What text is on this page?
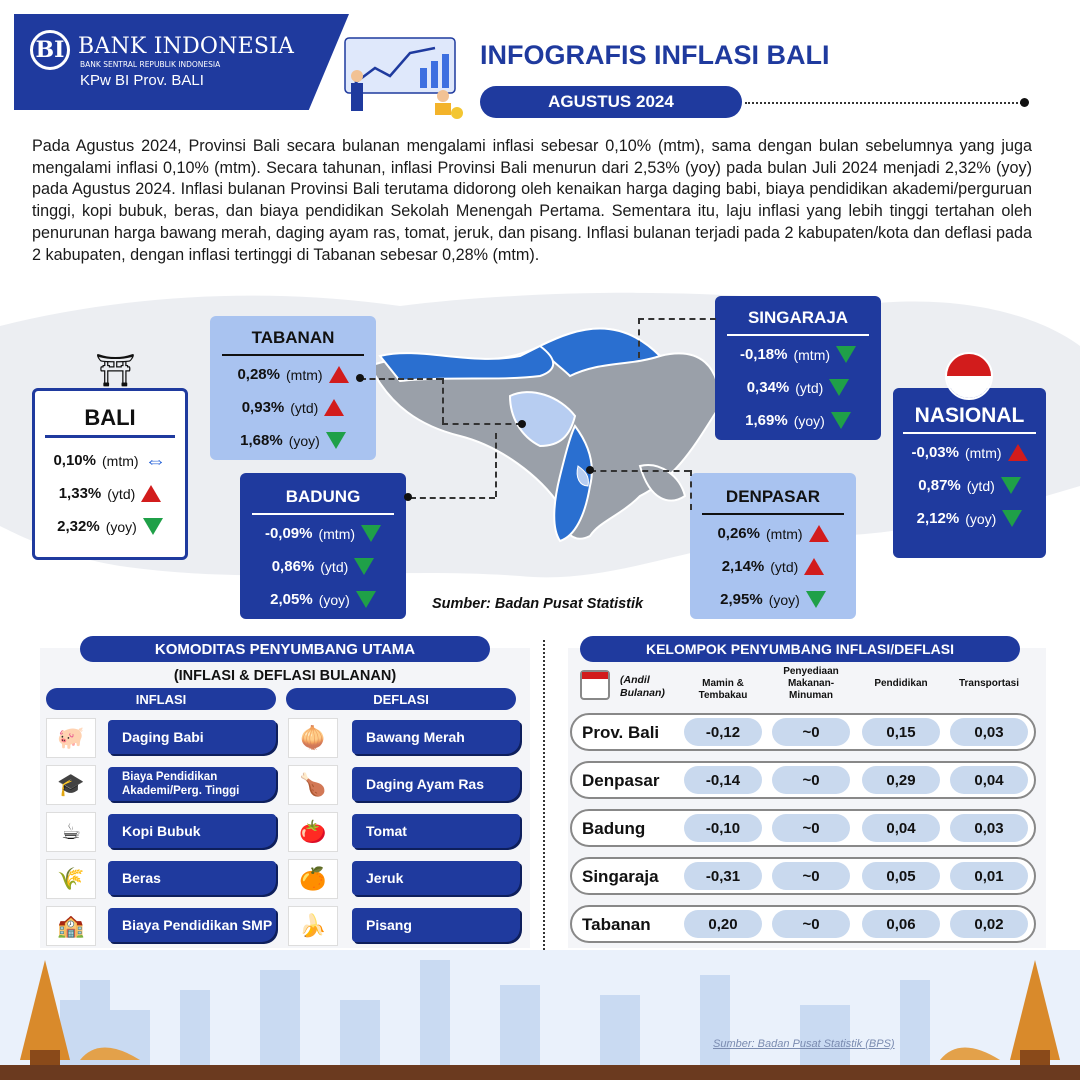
BI BANK INDONESIA
BANK SENTRAL REPUBLIK INDONESIA
KPw BI Prov. BALI
INFOGRAFIS INFLASI BALI
AGUSTUS 2024
Pada Agustus 2024, Provinsi Bali secara bulanan mengalami inflasi sebesar 0,10% (mtm), sama dengan bulan sebelumnya yang juga mengalami inflasi 0,10% (mtm). Secara tahunan, inflasi Provinsi Bali menurun dari 2,53% (yoy) pada bulan Juli 2024 menjadi 2,32% (yoy) pada Agustus 2024. Inflasi bulanan Provinsi Bali terutama didorong oleh kenaikan harga daging babi, biaya pendidikan akademi/perguruan tinggi, kopi bubuk, beras, dan biaya pendidikan Sekolah Menengah Pertama. Sementara itu, laju inflasi yang lebih tinggi tertahan oleh penurunan harga bawang merah, daging ayam ras, tomat, jeruk, dan pisang. Inflasi bulanan terjadi pada 2 kabupaten/kota dan deflasi pada 2 kabupaten, dengan inflasi tertinggi di Tabanan sebesar 0,28% (mtm).
⛩
BALI
0,10% (mtm) ⇔
1,33% (ytd)
2,32% (yoy)
TABANAN
0,28% (mtm)
0,93% (ytd)
1,68% (yoy)
BADUNG
-0,09% (mtm)
0,86% (ytd)
2,05% (yoy)
SINGARAJA
-0,18% (mtm)
0,34% (ytd)
1,69% (yoy)
DENPASAR
0,26% (mtm)
2,14% (ytd)
2,95% (yoy)
NASIONAL
-0,03% (mtm)
0,87% (ytd)
2,12% (yoy)
Sumber: Badan Pusat Statistik
KOMODITAS PENYUMBANG UTAMA
(INFLASI & DEFLASI BULANAN)
INFLASI	DEFLASI
🐖	Daging Babi
🎓	Biaya Pendidikan Akademi/Perg. Tinggi
☕	Kopi Bubuk
🌾	Beras
🏫	Biaya Pendidikan SMP
🧅	Bawang Merah
🍗	Daging Ayam Ras
🍅	Tomat
🍊	Jeruk
🍌	Pisang
KELOMPOK PENYUMBANG INFLASI/DEFLASI
(Andil Bulanan)
Mamin & Tembakau
Penyediaan Makanan-Minuman
Pendidikan	Transportasi
Prov. Bali	-0,12	~0	0,15	0,03
Denpasar	-0,14	~0	0,29	0,04
Badung	-0,10	~0	0,04	0,03
Singaraja	-0,31	~0	0,05	0,01
Tabanan	0,20	~0	0,06	0,02
Sumber: Badan Pusat Statistik (BPS)
